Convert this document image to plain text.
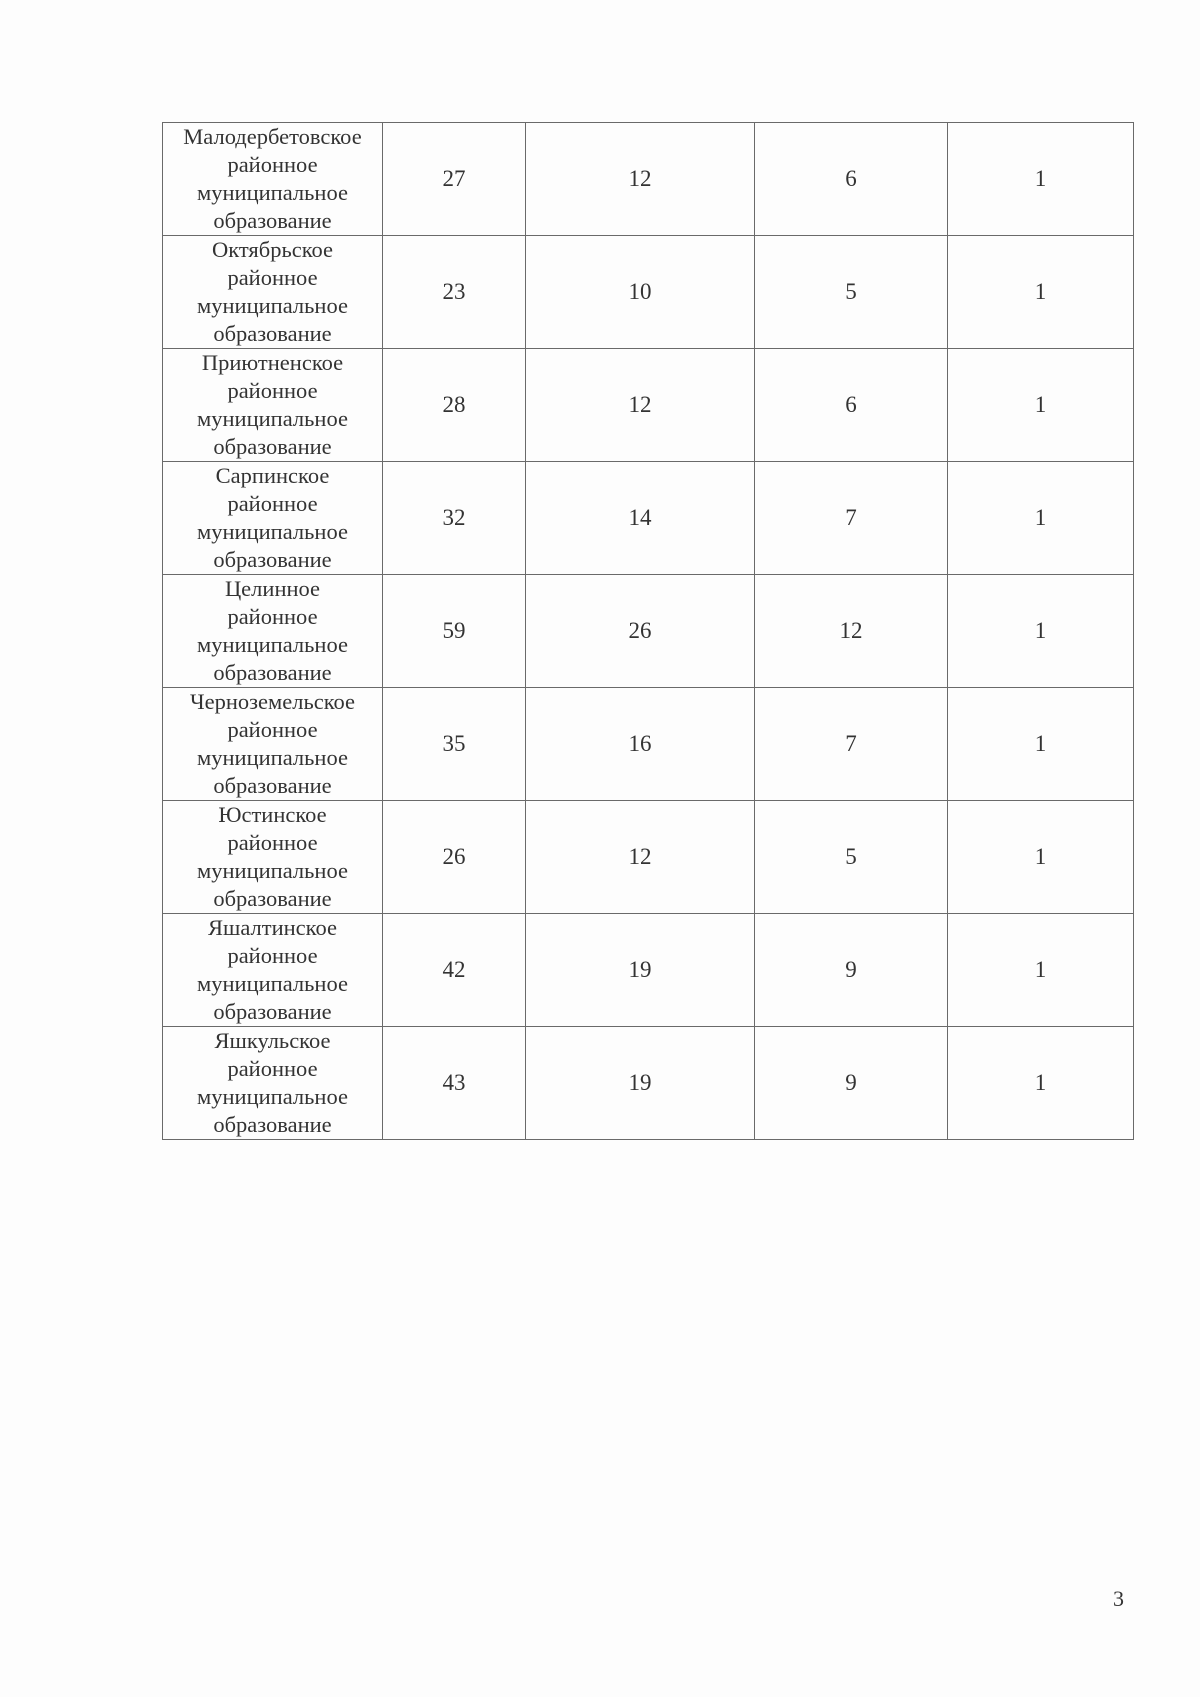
Малодербетовское
районное
муниципальное
образование	27	12	6	1

Октябрьское
районное
муниципальное
образование	23	10	5	1

Приютненское
районное
муниципальное
образование	28	12	6	1

Сарпинское
районное
муниципальное
образование	32	14	7	1

Целинное
районное
муниципальное
образование	59	26	12	1

Черноземельское
районное
муниципальное
образование	35	16	7	1

Юстинское
районное
муниципальное
образование	26	12	5	1

Яшалтинское
районное
муниципальное
образование	42	19	9	1

Яшкульское
районное
муниципальное
образование	43	19	9	1
3
